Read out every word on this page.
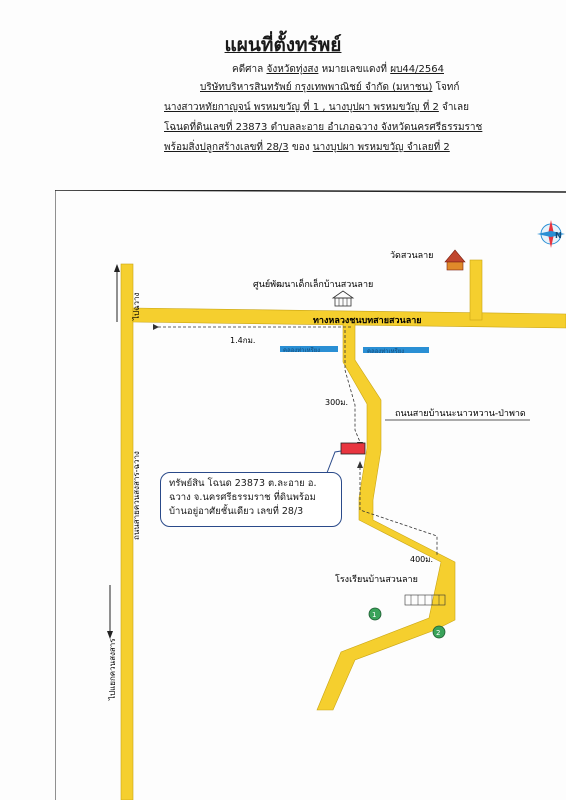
แผนที่ตั้งทรัพย์
คดีศาล จังหวัดทุ่งสง หมายเลขแดงที่ ผบ44/2564
บริษัทบริหารสินทรัพย์ กรุงเทพพาณิชย์ จำกัด (มหาชน) โจทก์
นางสาวหทัยกาญจน์ พรหมขวัญ ที่ 1 , นางบุปผา พรหมขวัญ ที่ 2 จำเลย
โฉนดที่ดินเลขที่ 23873 ตำบลละอาย อำเภอฉวาง จังหวัดนครศรีธรรมราช
พร้อมสิ่งปลูกสร้างเลขที่ 28/3 ของ นางบุปผา พรหมขวัญ จำเลยที่ 2
คลองท่าเหรียง	คลองท่าเหรียง
ไปฉวาง
ถนนสายควนสงสาร-ฉวาง
ไปแยกควนสงสาร
วัดสวนลาย
ศูนย์พัฒนาเด็กเล็กบ้านสวนลาย
ทางหลวงชนบทสายสวนลาย
1.4กม.
300ม.
400ม.
ถนนสายบ้านนะนาวหวาน-ป่าพาด
โรงเรียนบ้านสวนลาย
1
2
N
ทรัพย์สิน โฉนด 23873 ต.ละอาย อ.
ฉวาง จ.นครศรีธรรมราช ที่ดินพร้อม
บ้านอยู่อาศัยชั้นเดียว เลขที่ 28/3
